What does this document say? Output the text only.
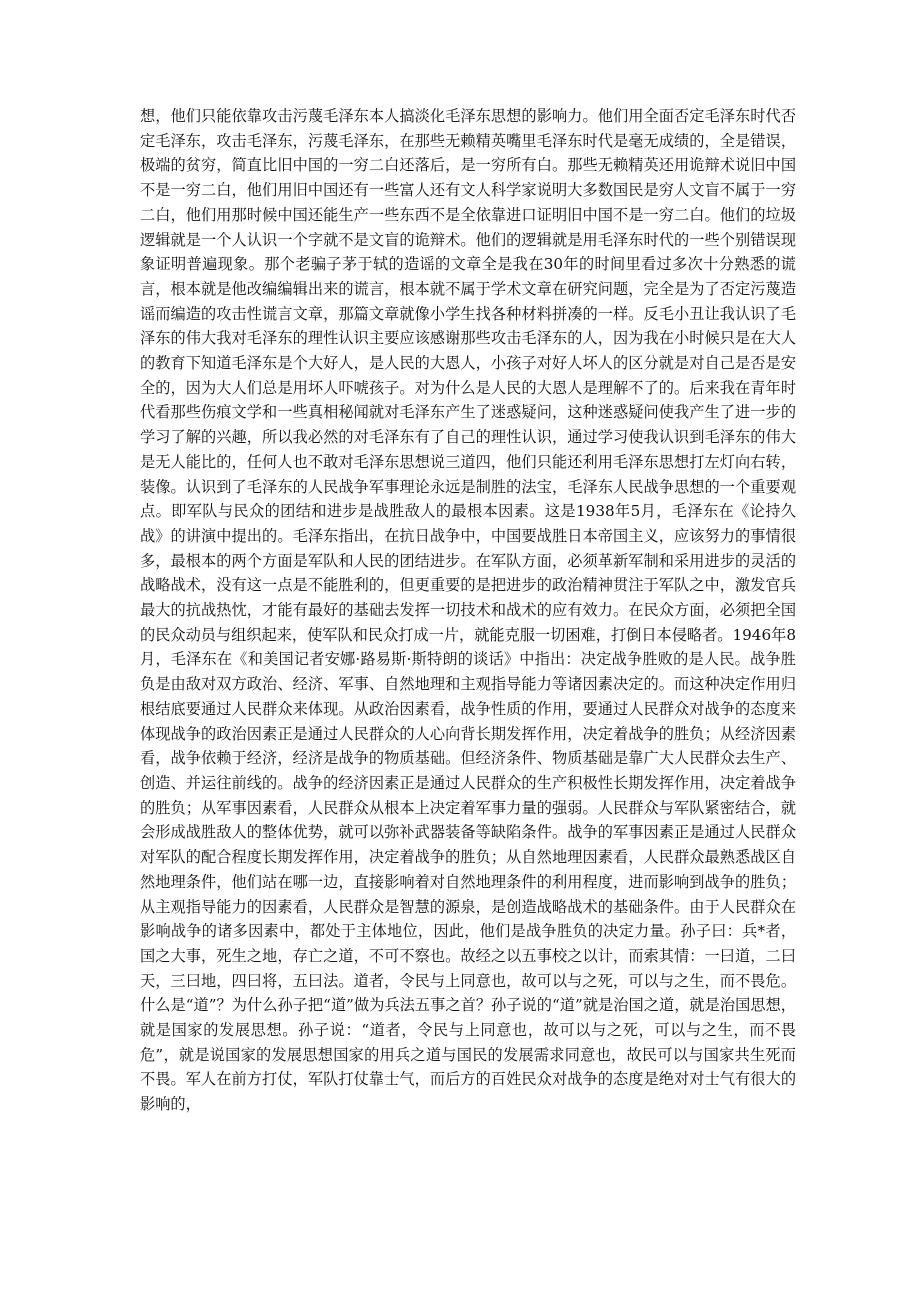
想，他们只能依靠攻击污蔑毛泽东本人搞淡化毛泽东思想的影响力。他们用全面否定毛泽东时代否定毛泽东，攻击毛泽东，污蔑毛泽东，在那些无赖精英嘴里毛泽东时代是毫无成绩的，全是错误，极端的贫穷，简直比旧中国的一穷二白还落后，是一穷所有白。那些无赖精英还用诡辩术说旧中国不是一穷二白，他们用旧中国还有一些富人还有文人科学家说明大多数国民是穷人文盲不属于一穷二白，他们用那时候中国还能生产一些东西不是全依靠进口证明旧中国不是一穷二白。他们的垃圾逻辑就是一个人认识一个字就不是文盲的诡辩术。他们的逻辑就是用毛泽东时代的一些个别错误现象证明普遍现象。那个老骗子茅于轼的造谣的文章全是我在30年的时间里看过多次十分熟悉的谎言，根本就是他改编编辑出来的谎言，根本就不属于学术文章在研究问题，完全是为了否定污蔑造谣而编造的攻击性谎言文章，那篇文章就像小学生找各种材料拼凑的一样。反毛小丑让我认识了毛泽东的伟大我对毛泽东的理性认识主要应该感谢那些攻击毛泽东的人，因为我在小时候只是在大人的教育下知道毛泽东是个大好人，是人民的大恩人，小孩子对好人坏人的区分就是对自己是否是安全的，因为大人们总是用坏人吓唬孩子。对为什么是人民的大恩人是理解不了的。后来我在青年时代看那些伤痕文学和一些真相秘闻就对毛泽东产生了迷惑疑问，这种迷惑疑问使我产生了进一步的学习了解的兴趣，所以我必然的对毛泽东有了自己的理性认识，通过学习使我认识到毛泽东的伟大是无人能比的，任何人也不敢对毛泽东思想说三道四，他们只能还利用毛泽东思想打左灯向右转，装像。认识到了毛泽东的人民战争军事理论永远是制胜的法宝，毛泽东人民战争思想的一个重要观点。即军队与民众的团结和进步是战胜敌人的最根本因素。这是1938年5月，毛泽东在《论持久战》的讲演中提出的。毛泽东指出，在抗日战争中，中国要战胜日本帝国主义，应该努力的事情很多，最根本的两个方面是军队和人民的团结进步。在军队方面，必须革新军制和采用进步的灵活的战略战术，没有这一点是不能胜利的，但更重要的是把进步的政治精神贯注于军队之中，激发官兵最大的抗战热忱，才能有最好的基础去发挥一切技术和战术的应有效力。在民众方面，必须把全国的民众动员与组织起来，使军队和民众打成一片，就能克服一切困难，打倒日本侵略者。1946年8月，毛泽东在《和美国记者安娜·路易斯·斯特朗的谈话》中指出：决定战争胜败的是人民。战争胜负是由敌对双方政治、经济、军事、自然地理和主观指导能力等诸因素决定的。而这种决定作用归根结底要通过人民群众来体现。从政治因素看，战争性质的作用，要通过人民群众对战争的态度来体现战争的政治因素正是通过人民群众的人心向背长期发挥作用，决定着战争的胜负；从经济因素看，战争依赖于经济，经济是战争的物质基础。但经济条件、物质基础是靠广大人民群众去生产、创造、并运往前线的。战争的经济因素正是通过人民群众的生产积极性长期发挥作用，决定着战争的胜负；从军事因素看，人民群众从根本上决定着军事力量的强弱。人民群众与军队紧密结合，就会形成战胜敌人的整体优势，就可以弥补武器装备等缺陷条件。战争的军事因素正是通过人民群众对军队的配合程度长期发挥作用，决定着战争的胜负；从自然地理因素看，人民群众最熟悉战区自然地理条件，他们站在哪一边，直接影响着对自然地理条件的利用程度，进而影响到战争的胜负；从主观指导能力的因素看，人民群众是智慧的源泉，是创造战略战术的基础条件。由于人民群众在影响战争的诸多因素中，都处于主体地位，因此，他们是战争胜负的决定力量。孙子曰：兵*者，国之大事，死生之地，存亡之道，不可不察也。故经之以五事校之以计，而索其情：一曰道，二曰天，三曰地，四曰将，五曰法。道者，令民与上同意也，故可以与之死，可以与之生，而不畏危。什么是“道”？为什么孙子把“道”做为兵法五事之首？孙子说的“道”就是治国之道，就是治国思想，就是国家的发展思想。孙子说：“道者，令民与上同意也，故可以与之死，可以与之生，而不畏危”，就是说国家的发展思想国家的用兵之道与国民的发展需求同意也，故民可以与国家共生死而不畏。军人在前方打仗，军队打仗靠士气，而后方的百姓民众对战争的态度是绝对对士气有很大的影响的，
